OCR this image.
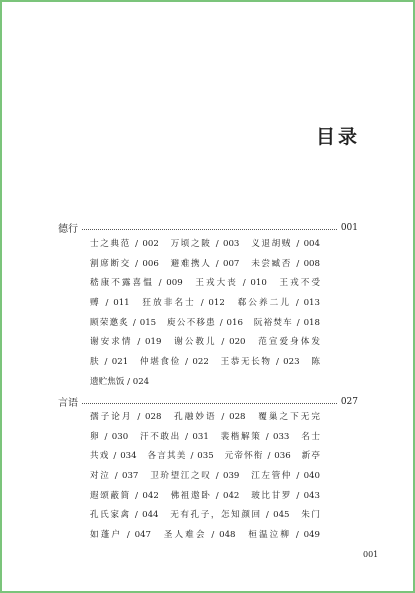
目录
德行	001
士之典范 / 002　万顷之陂 / 003　义退胡贼 / 004
割席断交 / 006　避难携人 / 007　未尝臧否 / 008
嵇康不露喜愠 / 009　王戎大丧 / 010　王戎不受
赙 / 011　狂放非名士 / 012　郗公养二儿 / 013
顾荣邀炙 / 015　庾公不移患 / 016　阮裕焚车 / 018
谢安求情 / 019　谢公教儿 / 020　范宣爱身体发
肤 / 021　仲堪食俭 / 022　王恭无长物 / 023　陈
遗贮焦饭 / 024
言语	027
孺子论月 / 028　孔融妙语 / 028　覆巢之下无完
卵 / 030　汗不敢出 / 031　裴楷解策 / 033　名士
共戏 / 034　各言其美 / 035　元帝怀衔 / 036　新亭
对泣 / 037　卫玠望江之叹 / 039　江左管仲 / 040
遐颂蔽简 / 042　佛祖遨卧 / 042　玻比甘罗 / 043
孔氏家禽 / 044　无有孔子，怎知颜回 / 045　朱门
如蓬户 / 047　圣人难会 / 048　桓温泣柳 / 049
001
